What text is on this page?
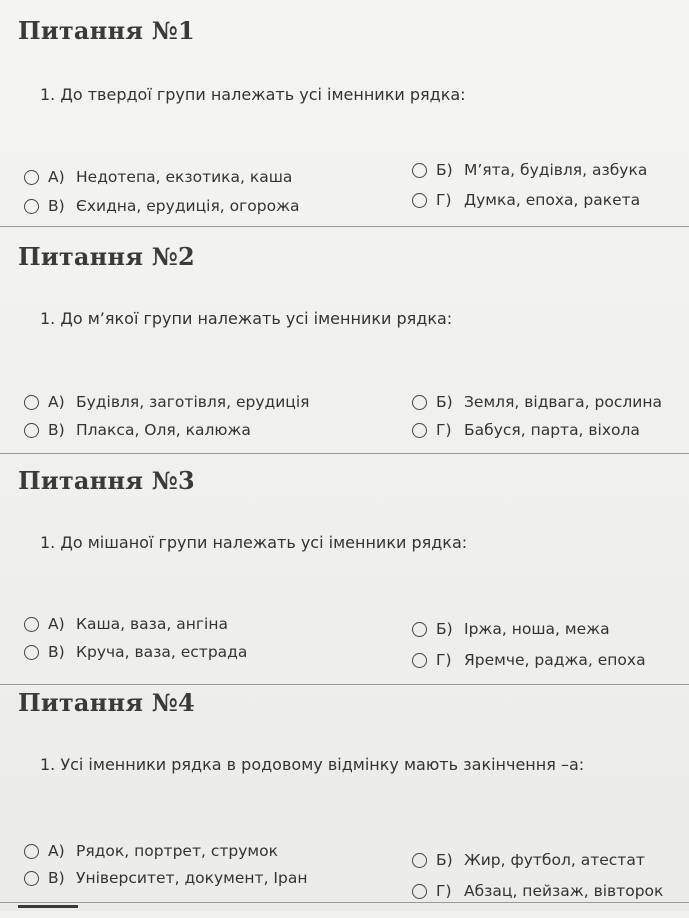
Питання №1
1. До твердої групи належать усі іменники рядка:
А) Недотепа, екзотика, каша	Б) М’ята, будівля, азбука
В) Єхидна, ерудиція, огорожа	Г) Думка, епоха, ракета
Питання №2
1. До м’якої групи належать усі іменники рядка:
А) Будівля, заготівля, ерудиція	Б) Земля, відвага, рослина
В) Плакса, Оля, калюжа	Г) Бабуся, парта, віхола
Питання №3
1. До мішаної групи належать усі іменники рядка:
А) Каша, ваза, ангіна	Б) Іржа, ноша, межа
В) Круча, ваза, естрада	Г) Яремче, раджа, епоха
Питання №4
1. Усі іменники рядка в родовому відмінку мають закінчення –а:
А) Рядок, портрет, струмок	Б) Жир, футбол, атестат
В) Університет, документ, Іран
Г) Абзац, пейзаж, вівторок
